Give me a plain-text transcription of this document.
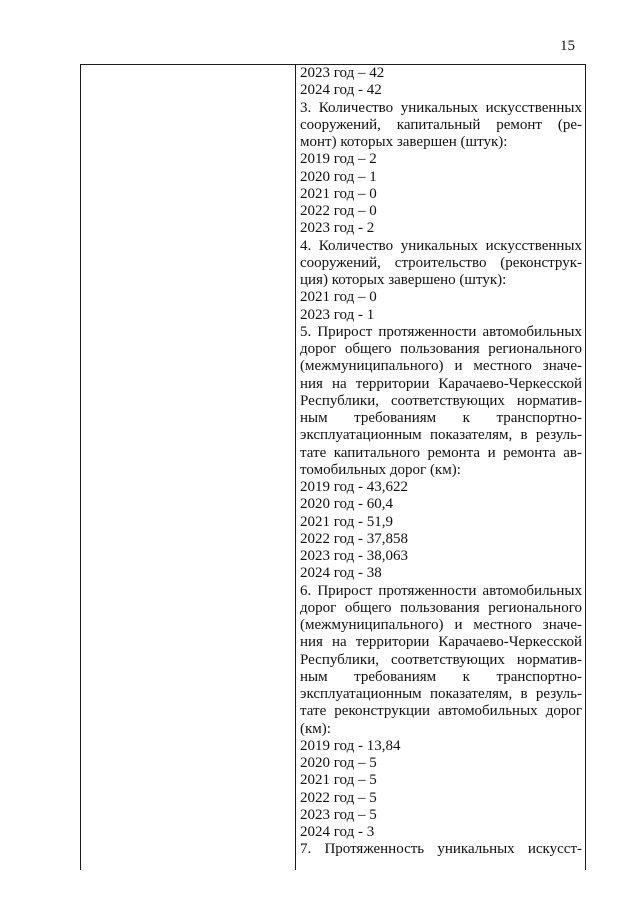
15
2023 год – 42
2024 год - 42
3. Количество уникальных искусственных
сооружений, капитальный ремонт (ре-
монт) которых завершен (штук):
2019 год – 2
2020 год – 1
2021 год – 0
2022 год – 0
2023 год - 2
4. Количество уникальных искусственных
сооружений, строительство (реконструк-
ция) которых завершено (штук):
2021 год – 0
2023 год - 1
5. Прирост протяженности автомобильных
дорог общего пользования регионального
(межмуниципального) и местного значе-
ния на территории Карачаево-Черкесской
Республики, соответствующих норматив-
ным требованиям к транспортно-
эксплуатационным показателям, в резуль-
тате капитального ремонта и ремонта ав-
томобильных дорог (км):
2019 год - 43,622
2020 год - 60,4
2021 год - 51,9
2022 год - 37,858
2023 год - 38,063
2024 год - 38
6. Прирост протяженности автомобильных
дорог общего пользования регионального
(межмуниципального) и местного значе-
ния на территории Карачаево-Черкесской
Республики, соответствующих норматив-
ным требованиям к транспортно-
эксплуатационным показателям, в резуль-
тате реконструкции автомобильных дорог
(км):
2019 год - 13,84
2020 год – 5
2021 год – 5
2022 год – 5
2023 год – 5
2024 год - 3
7. Протяженность уникальных искусст-
